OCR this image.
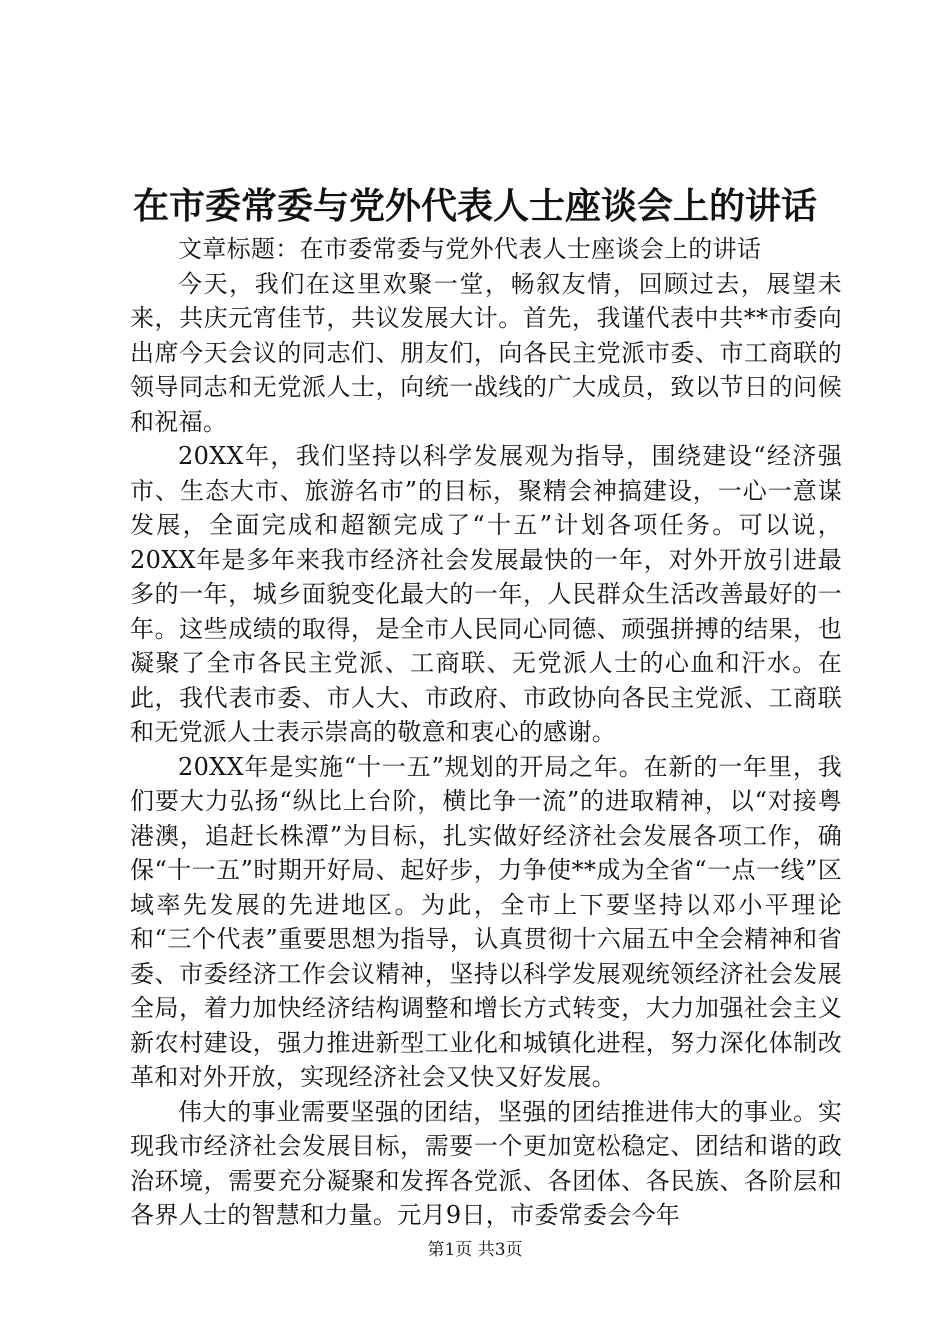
在市委常委与党外代表人士座谈会上的讲话

文章标题：在市委常委与党外代表人士座谈会上的讲话

今天，我们在这里欢聚一堂，畅叙友情，回顾过去，展望未来，共庆元宵佳节，共议发展大计。首先，我谨代表中共**市委向出席今天会议的同志们、朋友们，向各民主党派市委、市工商联的领导同志和无党派人士，向统一战线的广大成员，致以节日的问候和祝福。

20XX年，我们坚持以科学发展观为指导，围绕建设“经济强市、生态大市、旅游名市”的目标，聚精会神搞建设，一心一意谋发展，全面完成和超额完成了“十五”计划各项任务。可以说，20XX年是多年来我市经济社会发展最快的一年，对外开放引进最多的一年，城乡面貌变化最大的一年，人民群众生活改善最好的一年。这些成绩的取得，是全市人民同心同德、顽强拼搏的结果，也凝聚了全市各民主党派、工商联、无党派人士的心血和汗水。在此，我代表市委、市人大、市政府、市政协向各民主党派、工商联和无党派人士表示崇高的敬意和衷心的感谢。

20XX年是实施“十一五”规划的开局之年。在新的一年里，我们要大力弘扬“纵比上台阶，横比争一流”的进取精神，以“对接粤港澳，追赶长株潭”为目标，扎实做好经济社会发展各项工作，确保“十一五”时期开好局、起好步，力争使**成为全省“一点一线”区域率先发展的先进地区。为此，全市上下要坚持以邓小平理论和“三个代表”重要思想为指导，认真贯彻十六届五中全会精神和省委、市委经济工作会议精神，坚持以科学发展观统领经济社会发展全局，着力加快经济结构调整和增长方式转变，大力加强社会主义新农村建设，强力推进新型工业化和城镇化进程，努力深化体制改革和对外开放，实现经济社会又快又好发展。

伟大的事业需要坚强的团结，坚强的团结推进伟大的事业。实现我市经济社会发展目标，需要一个更加宽松稳定、团结和谐的政治环境，需要充分凝聚和发挥各党派、各团体、各民族、各阶层和各界人士的智慧和力量。元月9日，市委常委会今年

第1页 共3页
